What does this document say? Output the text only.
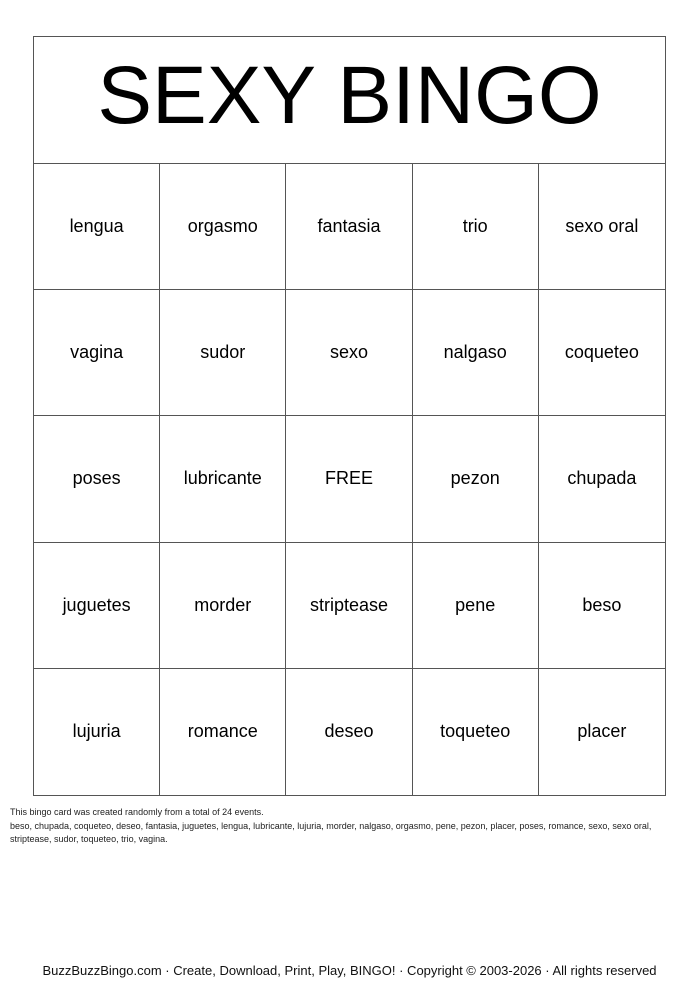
SEXY BINGO
lengua	orgasmo	fantasia	trio	sexo oral
vagina	sudor	sexo	nalgaso	coqueteo
poses	lubricante	FREE	pezon	chupada
juguetes	morder	striptease	pene	beso
lujuria	romance	deseo	toqueteo	placer
This bingo card was created randomly from a total of 24 events.
beso, chupada, coqueteo, deseo, fantasia, juguetes, lengua, lubricante, lujuria, morder, nalgaso, orgasmo, pene, pezon, placer, poses, romance, sexo, sexo oral,
striptease, sudor, toqueteo, trio, vagina.
BuzzBuzzBingo.com · Create, Download, Print, Play, BINGO! · Copyright © 2003-2026 · All rights reserved
